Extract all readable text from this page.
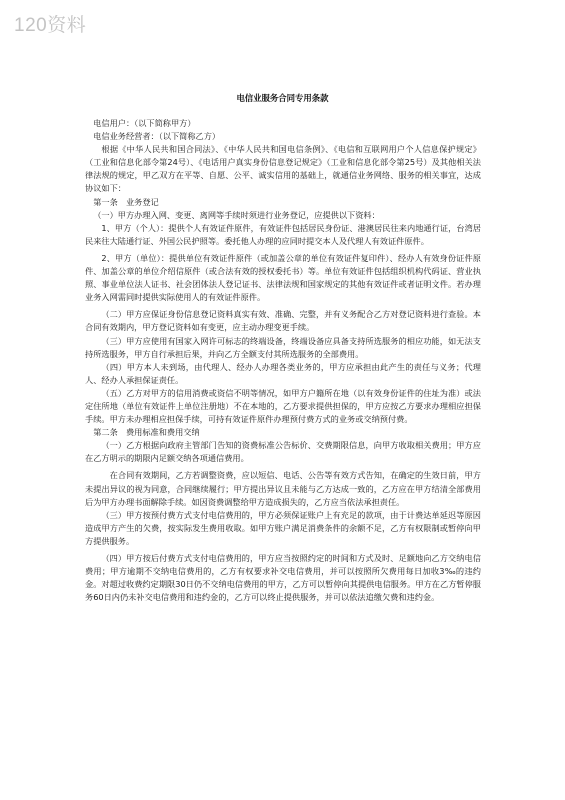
120资料
电信业服务合同专用条款

电信用户：（以下简称甲方）

电信业务经营者：（以下简称乙方）

根据《中华人民共和国合同法》、《中华人民共和国电信条例》、《电信和互联网用户个人信息保护规定》（工业和信息化部令第24号）、《电话用户真实身份信息登记规定》（工业和信息化部令第25号）及其他相关法律法规的规定，甲乙双方在平等、自愿、公平、诚实信用的基础上，就通信业务网络、服务的相关事宜，达成协议如下：

第一条　业务登记

（一）甲方办理入网、变更、离网等手续时须进行业务登记，应提供以下资料：

1、甲方（个人）：提供个人有效证件原件，有效证件包括居民身份证、港澳居民往来内地通行证，台湾居民来往大陆通行证、外国公民护照等。委托他人办理的应同时提交本人及代理人有效证件原件。

2、甲方（单位）：提供单位有效证件原件（或加盖公章的单位有效证件复印件）、经办人有效身份证件原件、加盖公章的单位介绍信原件（或合法有效的授权委托书）等。单位有效证件包括组织机构代码证、营业执照、事业单位法人证书、社会团体法人登记证书、法律法规和国家规定的其他有效证件或者证明文件。若办理业务入网需同时提供实际使用人的有效证件原件。

（二）甲方应保证身份信息登记资料真实有效、准确、完整，并有义务配合乙方对登记资料进行查验。本合同有效期内，甲方登记资料如有变更，应主动办理变更手续。

（三）甲方应使用有国家入网许可标志的终端设备，终端设备应具备支持所选服务的相应功能，如无法支持所选服务，甲方自行承担后果，并向乙方全额支付其所选服务的全部费用。

（四）甲方本人未到场，由代理人、经办人办理各类业务的，甲方应承担由此产生的责任与义务；代理人、经办人承担保证责任。

（五）乙方对甲方的信用消费或资信不明等情况，如甲方户籍所在地（以有效身份证件的住址为准）或法定住所地（单位有效证件上单位注册地）不在本地的，乙方要求提供担保的，甲方应按乙方要求办理相应担保手续。甲方未办理相应担保手续，可持有效证件原件办理预付费方式的业务或交纳预付费。

第二条　费用标准和费用交纳

（一）乙方根据向政府主管部门告知的资费标准公告标价、交费期限信息，向甲方收取相关费用；甲方应在乙方明示的期限内足额交纳各项通信费用。

在合同有效期间，乙方若调整资费，应以短信、电话、公告等有效方式告知，在确定的生效日前，甲方未提出异议的视为同意，合同继续履行；甲方提出异议且未能与乙方达成一致的，乙方应在甲方结清全部费用后为甲方办理书面解除手续。如因资费调整给甲方造成损失的，乙方应当依法承担责任。

（三）甲方按预付费方式支付电信费用的，甲方必须保证账户上有充足的款项，由于计费达单延迟等原因造成甲方产生的欠费，按实际发生费用收取。如甲方账户满足消费条件的余额不足，乙方有权限制或暂停向甲方提供服务。

（四）甲方按后付费方式支付电信费用的，甲方应当按照约定的时间和方式及时、足额地向乙方交纳电信费用；甲方逾期不交纳电信费用的，乙方有权要求补交电信费用，并可以按照所欠费用每日加收3‰的违约金。对超过收费约定期限30日仍不交纳电信费用的甲方，乙方可以暂停向其提供电信服务。甲方在乙方暂停服务60日内仍未补交电信费用和违约金的，乙方可以终止提供服务，并可以依法追缴欠费和违约金。
